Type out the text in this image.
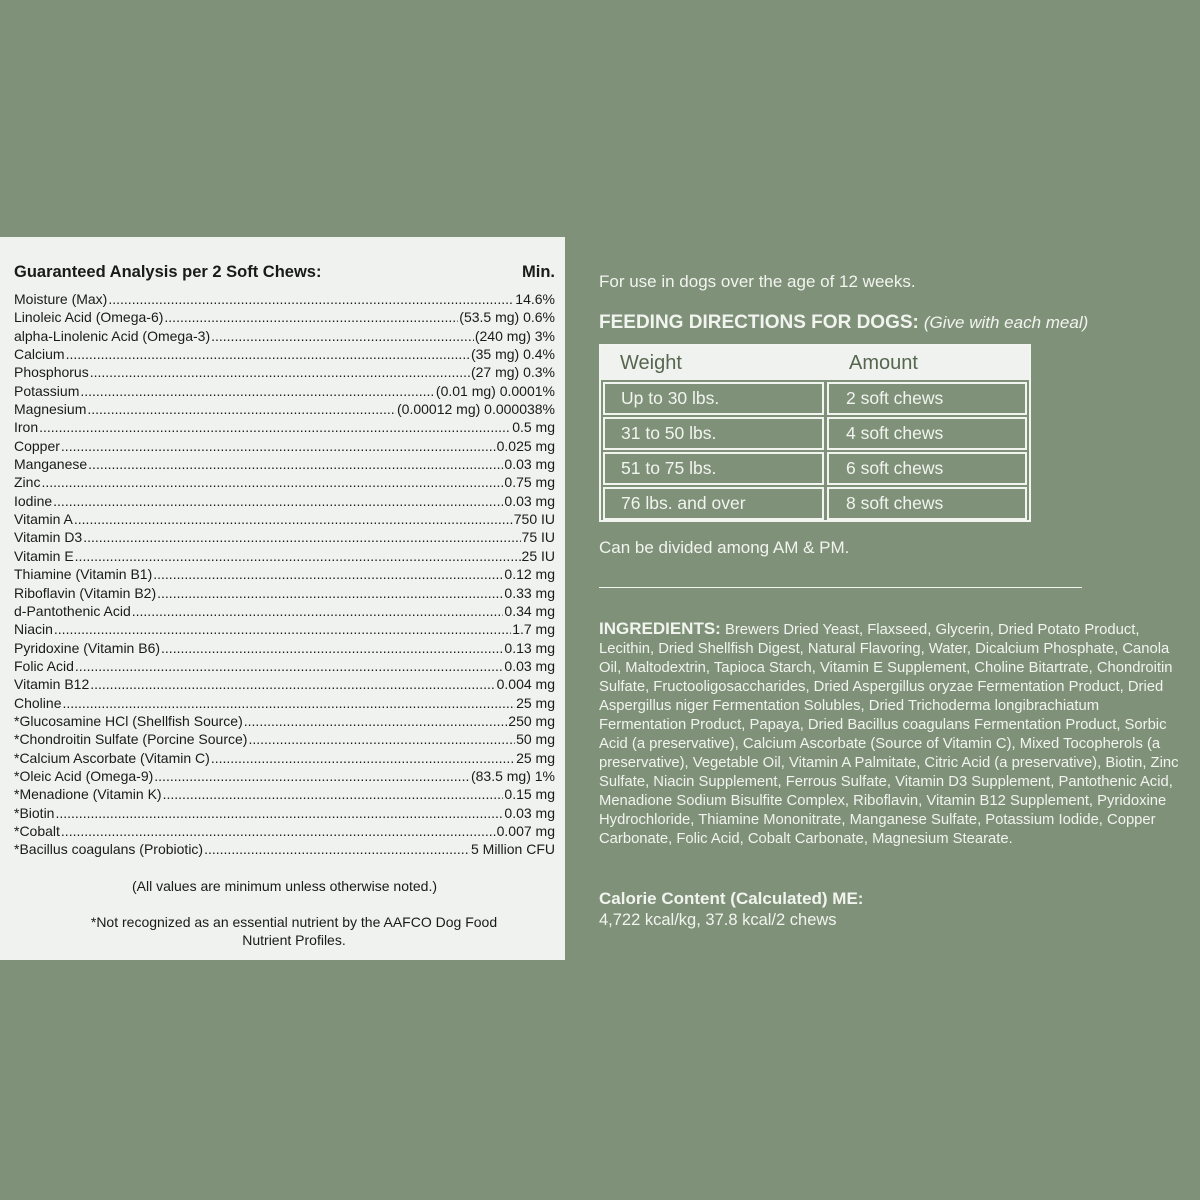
Guaranteed Analysis per 2 Soft Chews:	Min.
Moisture (Max) .....	14.6%
Linoleic Acid (Omega-6) .....	(53.5 mg) 0.6%
alpha-Linolenic Acid (Omega-3) .....	(240 mg) 3%
Calcium .....	(35 mg) 0.4%
Phosphorus .....	(27 mg) 0.3%
Potassium .....	(0.01 mg) 0.0001%
Magnesium .....	(0.00012 mg) 0.000038%
Iron .....	0.5 mg
Copper .....	0.025 mg
Manganese .....	0.03 mg
Zinc .....	0.75 mg
Iodine .....	0.03 mg
Vitamin A .....	750 IU
Vitamin D3 .....	75 IU
Vitamin E .....	25 IU
Thiamine (Vitamin B1) .....	0.12 mg
Riboflavin (Vitamin B2) .....	0.33 mg
d-Pantothenic Acid .....	0.34 mg
Niacin .....	1.7 mg
Pyridoxine (Vitamin B6) .....	0.13 mg
Folic Acid .....	0.03 mg
Vitamin B12 .....	0.004 mg
Choline .....	25 mg
*Glucosamine HCl (Shellfish Source) .....	250 mg
*Chondroitin Sulfate (Porcine Source) .....	50 mg
*Calcium Ascorbate (Vitamin C) .....	25 mg
*Oleic Acid (Omega-9) .....	(83.5 mg) 1%
*Menadione (Vitamin K) .....	0.15 mg
*Biotin .....	0.03 mg
*Cobalt .....	0.007 mg
*Bacillus coagulans (Probiotic) .....	5 Million CFU
(All values are minimum unless otherwise noted.)
*Not recognized as an essential nutrient by the AAFCO Dog Food Nutrient Profiles.
For use in dogs over the age of 12 weeks.
FEEDING DIRECTIONS FOR DOGS: (Give with each meal)
Weight	Amount
Up to 30 lbs.	2 soft chews
31 to 50 lbs.	4 soft chews
51 to 75 lbs.	6 soft chews
76 lbs. and over	8 soft chews
Can be divided among AM & PM.
INGREDIENTS: Brewers Dried Yeast, Flaxseed, Glycerin, Dried Potato Product, Lecithin, Dried Shellfish Digest, Natural Flavoring, Water, Dicalcium Phosphate, Canola Oil, Maltodextrin, Tapioca Starch, Vitamin E Supplement, Choline Bitartrate, Chondroitin Sulfate, Fructooligosaccharides, Dried Aspergillus oryzae Fermentation Product, Dried Aspergillus niger Fermentation Solubles, Dried Trichoderma longibrachiatum Fermentation Product, Papaya, Dried Bacillus coagulans Fermentation Product, Sorbic Acid (a preservative), Calcium Ascorbate (Source of Vitamin C), Mixed Tocopherols (a preservative), Vegetable Oil, Vitamin A Palmitate, Citric Acid (a preservative), Biotin, Zinc Sulfate, Niacin Supplement, Ferrous Sulfate, Vitamin D3 Supplement, Pantothenic Acid, Menadione Sodium Bisulfite Complex, Riboflavin, Vitamin B12 Supplement, Pyridoxine Hydrochloride, Thiamine Mononitrate, Manganese Sulfate, Potassium Iodide, Copper Carbonate, Folic Acid, Cobalt Carbonate, Magnesium Stearate.
Calorie Content (Calculated) ME:
4,722 kcal/kg, 37.8 kcal/2 chews
